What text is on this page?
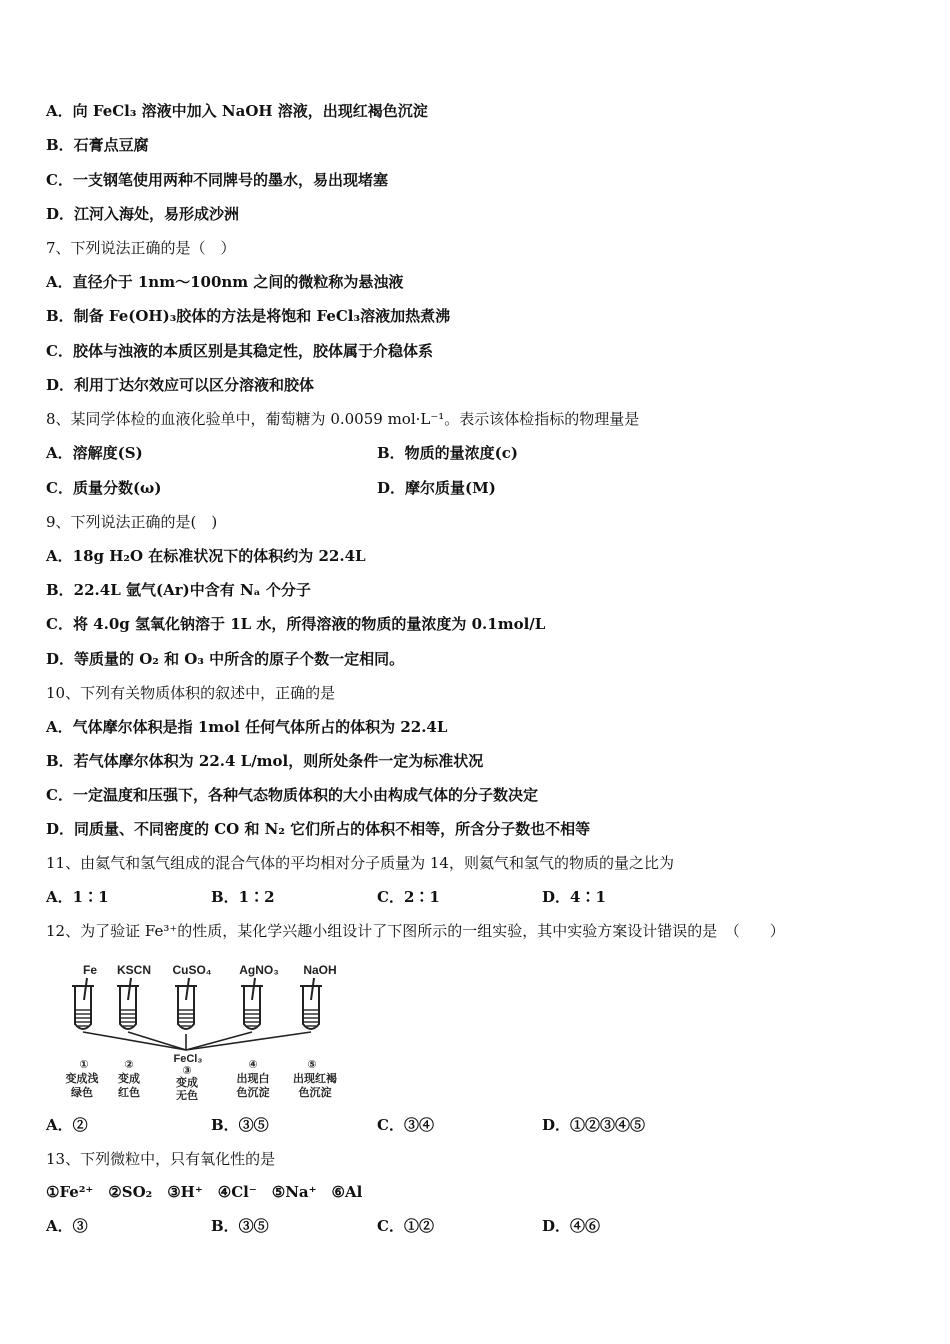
A．向 FeCl₃ 溶液中加入 NaOH 溶液，出现红褐色沉淀
B．石膏点豆腐
C．一支钢笔使用两种不同牌号的墨水，易出现堵塞
D．江河入海处，易形成沙洲
7、下列说法正确的是（　）
A．直径介于 1nm～100nm 之间的微粒称为悬浊液
B．制备 Fe(OH)₃胶体的方法是将饱和 FeCl₃溶液加热煮沸
C．胶体与浊液的本质区别是其稳定性，胶体属于介稳体系
D．利用丁达尔效应可以区分溶液和胶体
8、某同学体检的血液化验单中，葡萄糖为 0.0059 mol·L⁻¹。表示该体检指标的物理量是
A．溶解度(S)	B．物质的量浓度(c)
C．质量分数(ω)	D．摩尔质量(M)
9、下列说法正确的是(　)
A．18g H₂O 在标准状况下的体积约为 22.4L
B．22.4L 氩气(Ar)中含有 Nₐ 个分子
C．将 4.0g 氢氧化钠溶于 1L 水，所得溶液的物质的量浓度为 0.1mol/L
D．等质量的 O₂ 和 O₃ 中所含的原子个数一定相同。
10、下列有关物质体积的叙述中，正确的是
A．气体摩尔体积是指 1mol 任何气体所占的体积为 22.4L
B．若气体摩尔体积为 22.4 L/mol，则所处条件一定为标准状况
C．一定温度和压强下，各种气态物质体积的大小由构成气体的分子数决定
D．同质量、不同密度的 CO 和 N₂ 它们所占的体积不相等，所含分子数也不相等
11、由氦气和氢气组成的混合气体的平均相对分子质量为 14，则氦气和氢气的物质的量之比为
A．1∶1	B．1∶2	C．2∶1	D．4∶1
12、为了验证 Fe³⁺的性质，某化学兴趣小组设计了下图所示的一组实验，其中实验方案设计错误的是　（　　）
Fe KSCN CuSO₄ AgNO₃ NaOH
FeCl₃
①	②	③	④	⑤
变成浅
绿色
变成
红色
变成
无色
出现白
色沉淀
出现红褐
色沉淀
A．②	B．③⑤	C．③④	D．①②③④⑤
13、下列微粒中，只有氧化性的是
①Fe²⁺　②SO₂　③H⁺　④Cl⁻　⑤Na⁺　⑥Al
A．③	B．③⑤	C．①②	D．④⑥
